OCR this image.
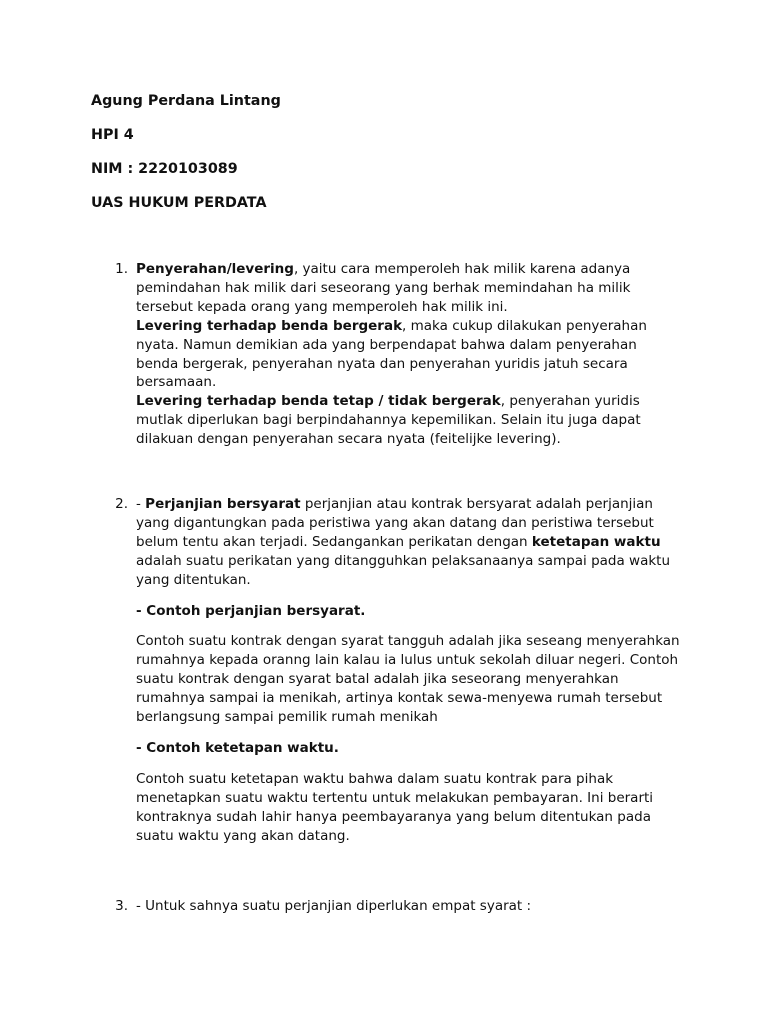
Agung Perdana Lintang

HPI 4

NIM : 2220103089

UAS HUKUM PERDATA

1. Penyerahan/levering, yaitu cara memperoleh hak milik karena adanya pemindahan hak milik dari seseorang yang berhak memindahan ha milik tersebut kepada orang yang memperoleh hak milik ini.

Levering terhadap benda bergerak, maka cukup dilakukan penyerahan nyata. Namun demikian ada yang berpendapat bahwa dalam penyerahan benda bergerak, penyerahan nyata dan penyerahan yuridis jatuh secara bersamaan.

Levering terhadap benda tetap / tidak bergerak, penyerahan yuridis mutlak diperlukan bagi berpindahannya kepemilikan. Selain itu juga dapat dilakuan dengan penyerahan secara nyata (feitelijke levering).

2. - Perjanjian bersyarat perjanjian atau kontrak bersyarat adalah perjanjian yang digantungkan pada peristiwa yang akan datang dan peristiwa tersebut belum tentu akan terjadi. Sedangankan perikatan dengan ketetapan waktu adalah suatu perikatan yang ditangguhkan pelaksanaanya sampai pada waktu yang ditentukan.

- Contoh perjanjian bersyarat.

Contoh suatu kontrak dengan syarat tangguh adalah jika seseang menyerahkan rumahnya kepada oranng lain kalau ia lulus untuk sekolah diluar negeri. Contoh suatu kontrak dengan syarat batal adalah jika seseorang menyerahkan rumahnya sampai ia menikah, artinya kontak sewa-menyewa rumah tersebut berlangsung sampai pemilik rumah menikah

- Contoh ketetapan waktu.

Contoh suatu ketetapan waktu bahwa dalam suatu kontrak para pihak menetapkan suatu waktu tertentu untuk melakukan pembayaran. Ini berarti kontraknya sudah lahir hanya peembayaranya yang belum ditentukan pada suatu waktu yang akan datang.

3. - Untuk sahnya suatu perjanjian diperlukan empat syarat :
